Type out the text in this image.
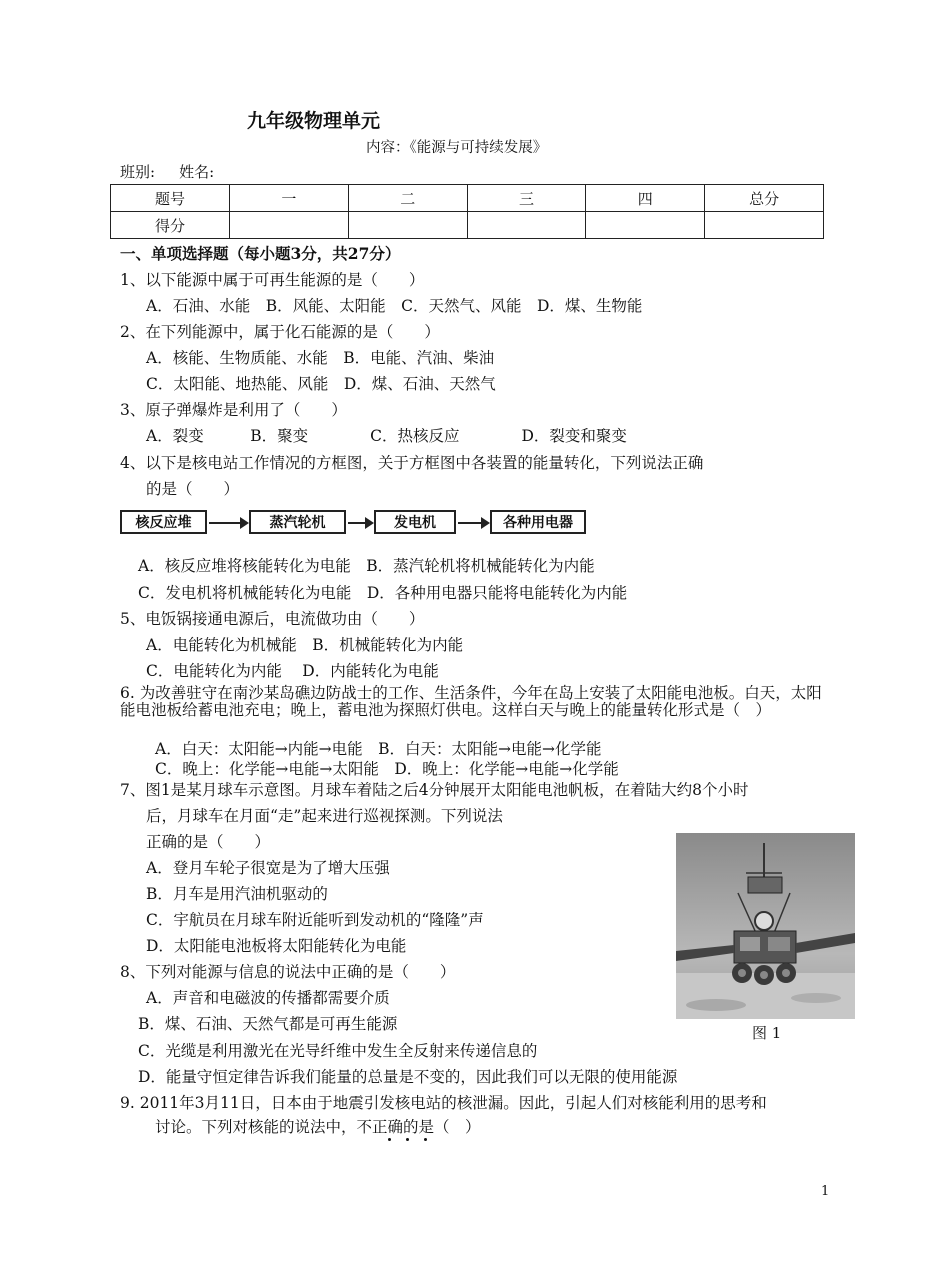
九年级物理单元
内容：《能源与可持续发展》
班别: 姓名:
题号	一	二	三	四	总分
得分					
一、单项选择题（每小题3分，共27分）
1、以下能源中属于可再生能源的是（　　）
A．石油、水能　B．风能、太阳能　C．天然气、风能　D．煤、生物能
2、在下列能源中，属于化石能源的是（　　）
A．核能、生物质能、水能　B．电能、汽油、柴油
C．太阳能、地热能、风能　D．煤、石油、天然气
3、原子弹爆炸是利用了（　　）
A．裂变　　　B．聚变　　　　C．热核反应　　　　D．裂变和聚变
4、以下是核电站工作情况的方框图，关于方框图中各装置的能量转化，下列说法正确
的是（　　）
核反应堆	蒸汽轮机	发电机	各种用电器
A．核反应堆将核能转化为电能　B．蒸汽轮机将机械能转化为内能
C．发电机将机械能转化为电能　D．各种用电器只能将电能转化为内能
5、电饭锅接通电源后，电流做功由（　　）
A．电能转化为机械能　B．机械能转化为内能
C．电能转化为内能　 D．内能转化为电能
6. 为改善驻守在南沙某岛礁边防战士的工作、生活条件，今年在岛上安装了太阳能电池板。白天，太阳能电池板给蓄电池充电；晚上，蓄电池为探照灯供电。这样白天与晚上的能量转化形式是（　）
A．白天：太阳能→内能→电能　B．白天：太阳能→电能→化学能
C．晚上：化学能→电能→太阳能　D．晚上：化学能→电能→化学能
7、图1是某月球车示意图。月球车着陆之后4分钟展开太阳能电池帆板，在着陆大约8个小时
后，月球车在月面“走”起来进行巡视探测。下列说法
正确的是（　　）
A．登月车轮子很宽是为了增大压强
B．月车是用汽油机驱动的
C．宇航员在月球车附近能听到发动机的“隆隆”声
D．太阳能电池板将太阳能转化为电能
图 1
8、下列对能源与信息的说法中正确的是（　　）
A．声音和电磁波的传播都需要介质
B．煤、石油、天然气都是可再生能源
C．光缆是利用激光在光导纤维中发生全反射来传递信息的
D．能量守恒定律告诉我们能量的总量是不变的，因此我们可以无限的使用能源
9. 2011年3月11日，日本由于地震引发核电站的核泄漏。因此，引起人们对核能利用的思考和
讨论。下列对核能的说法中，不正确的是（　）
1
